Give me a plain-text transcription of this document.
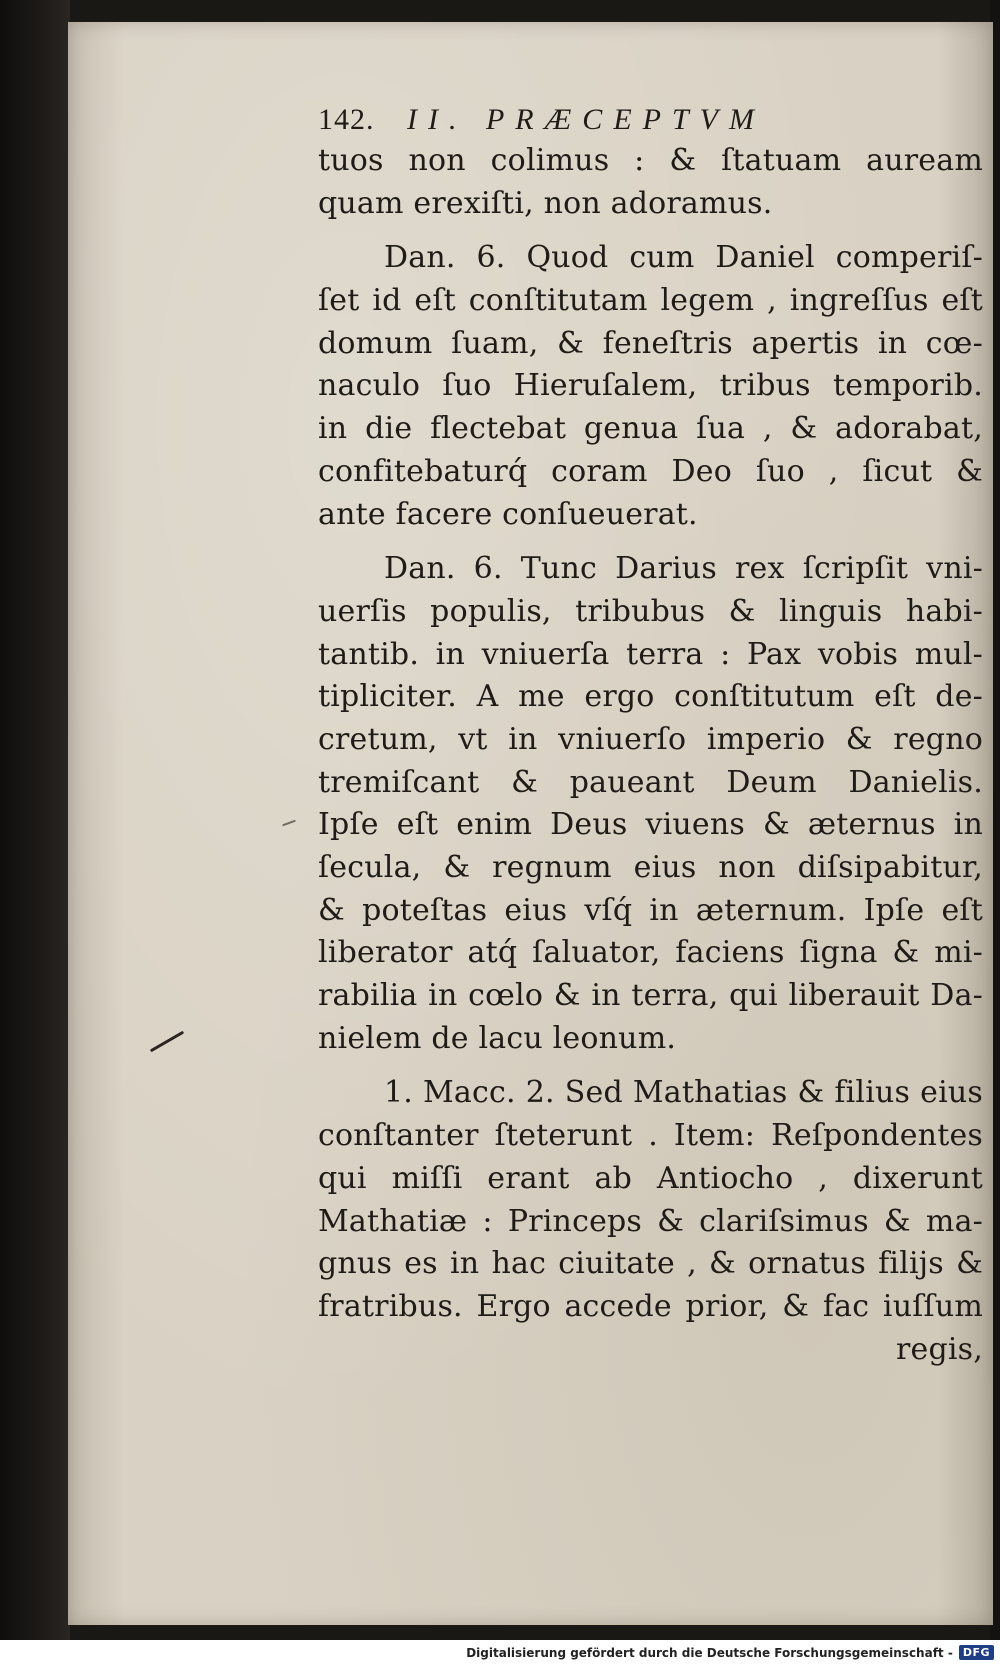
142. II. PRÆCEPTVM
tuos non colimus : & ſtatuam auream
quam erexiſti, non adoramus.
Dan. 6. Quod cum Daniel comperiſ-
ſet id eſt conſtitutam legem , ingreſſus eſt
domum ſuam, & feneſtris apertis in cœ-
naculo ſuo Hieruſalem, tribus temporib.
in die flectebat genua ſua , & adorabat,
confitebaturq́ coram Deo ſuo , ſicut &
ante facere conſueuerat.
Dan. 6. Tunc Darius rex ſcripſit vni-
uerſis populis, tribubus & linguis habi-
tantib. in vniuerſa terra : Pax vobis mul-
tipliciter. A me ergo conſtitutum eſt de-
cretum, vt in vniuerſo imperio & regno
tremiſcant & paueant Deum Danielis.
Ipſe eſt enim Deus viuens & æternus in
ſecula, & regnum eius non diſsipabitur,
& poteſtas eius vſq́ in æternum. Ipſe eſt
liberator atq́ ſaluator, faciens ſigna & mi-
rabilia in cœlo & in terra, qui liberauit Da-
nielem de lacu leonum.
1. Macc. 2. Sed Mathatias & filius eius
conſtanter ſteterunt . Item: Reſpondentes
qui miſſi erant ab Antiocho , dixerunt
Mathatiæ : Princeps & clariſsimus & ma-
gnus es in hac ciuitate , & ornatus filijs &
fratribus. Ergo accede prior, & fac iuſſum
regis,
Digitalisierung gefördert durch die Deutsche Forschungsgemeinschaft - DFG
